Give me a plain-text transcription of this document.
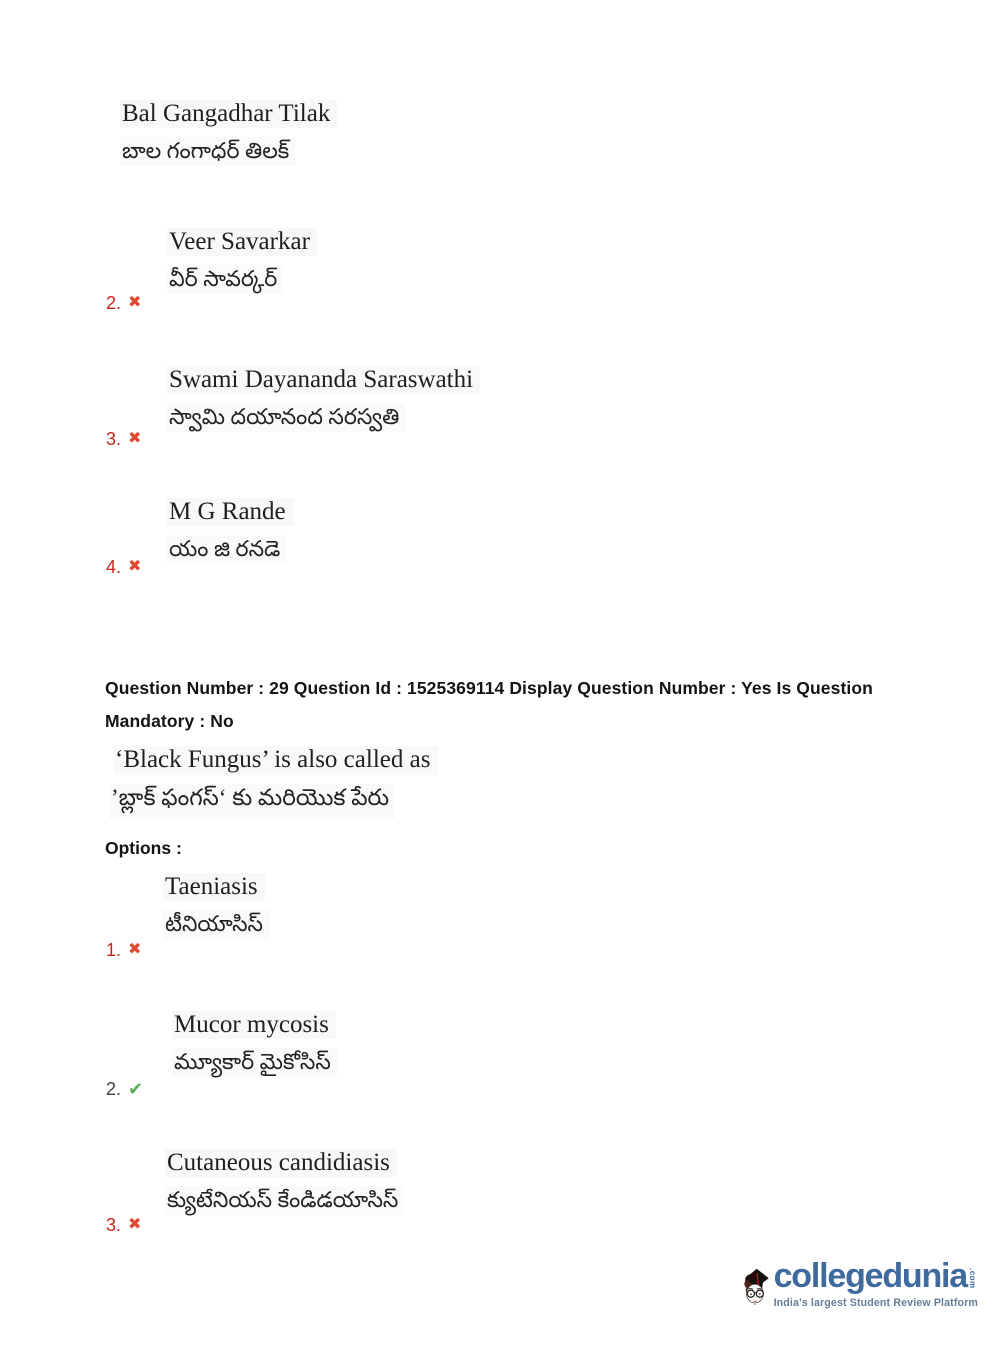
Bal Gangadhar Tilak
బాల గంగాధర్ తిలక్
2. ✖
Veer Savarkar
వీర్ సావర్కర్
3. ✖
Swami Dayananda Saraswathi
స్వామి దయానంద సరస్వతి
4. ✖
M G Rande
యం జి రనడె
Question Number : 29 Question Id : 1525369114 Display Question Number : Yes Is Question
Mandatory : No
‘Black Fungus’ is also called as
’బ్లాక్ ఫంగస్‘ కు మరియొక పేరు
Options :
1. ✖
Taeniasis
టీనియాసిస్
2. ✔
Mucor mycosis
మ్యూకార్ మైకోసిస్
3. ✖
Cutaneous candidiasis
క్యుటేనియస్ కేండిడయాసిస్
collegedunia .com
India's largest Student Review Platform
